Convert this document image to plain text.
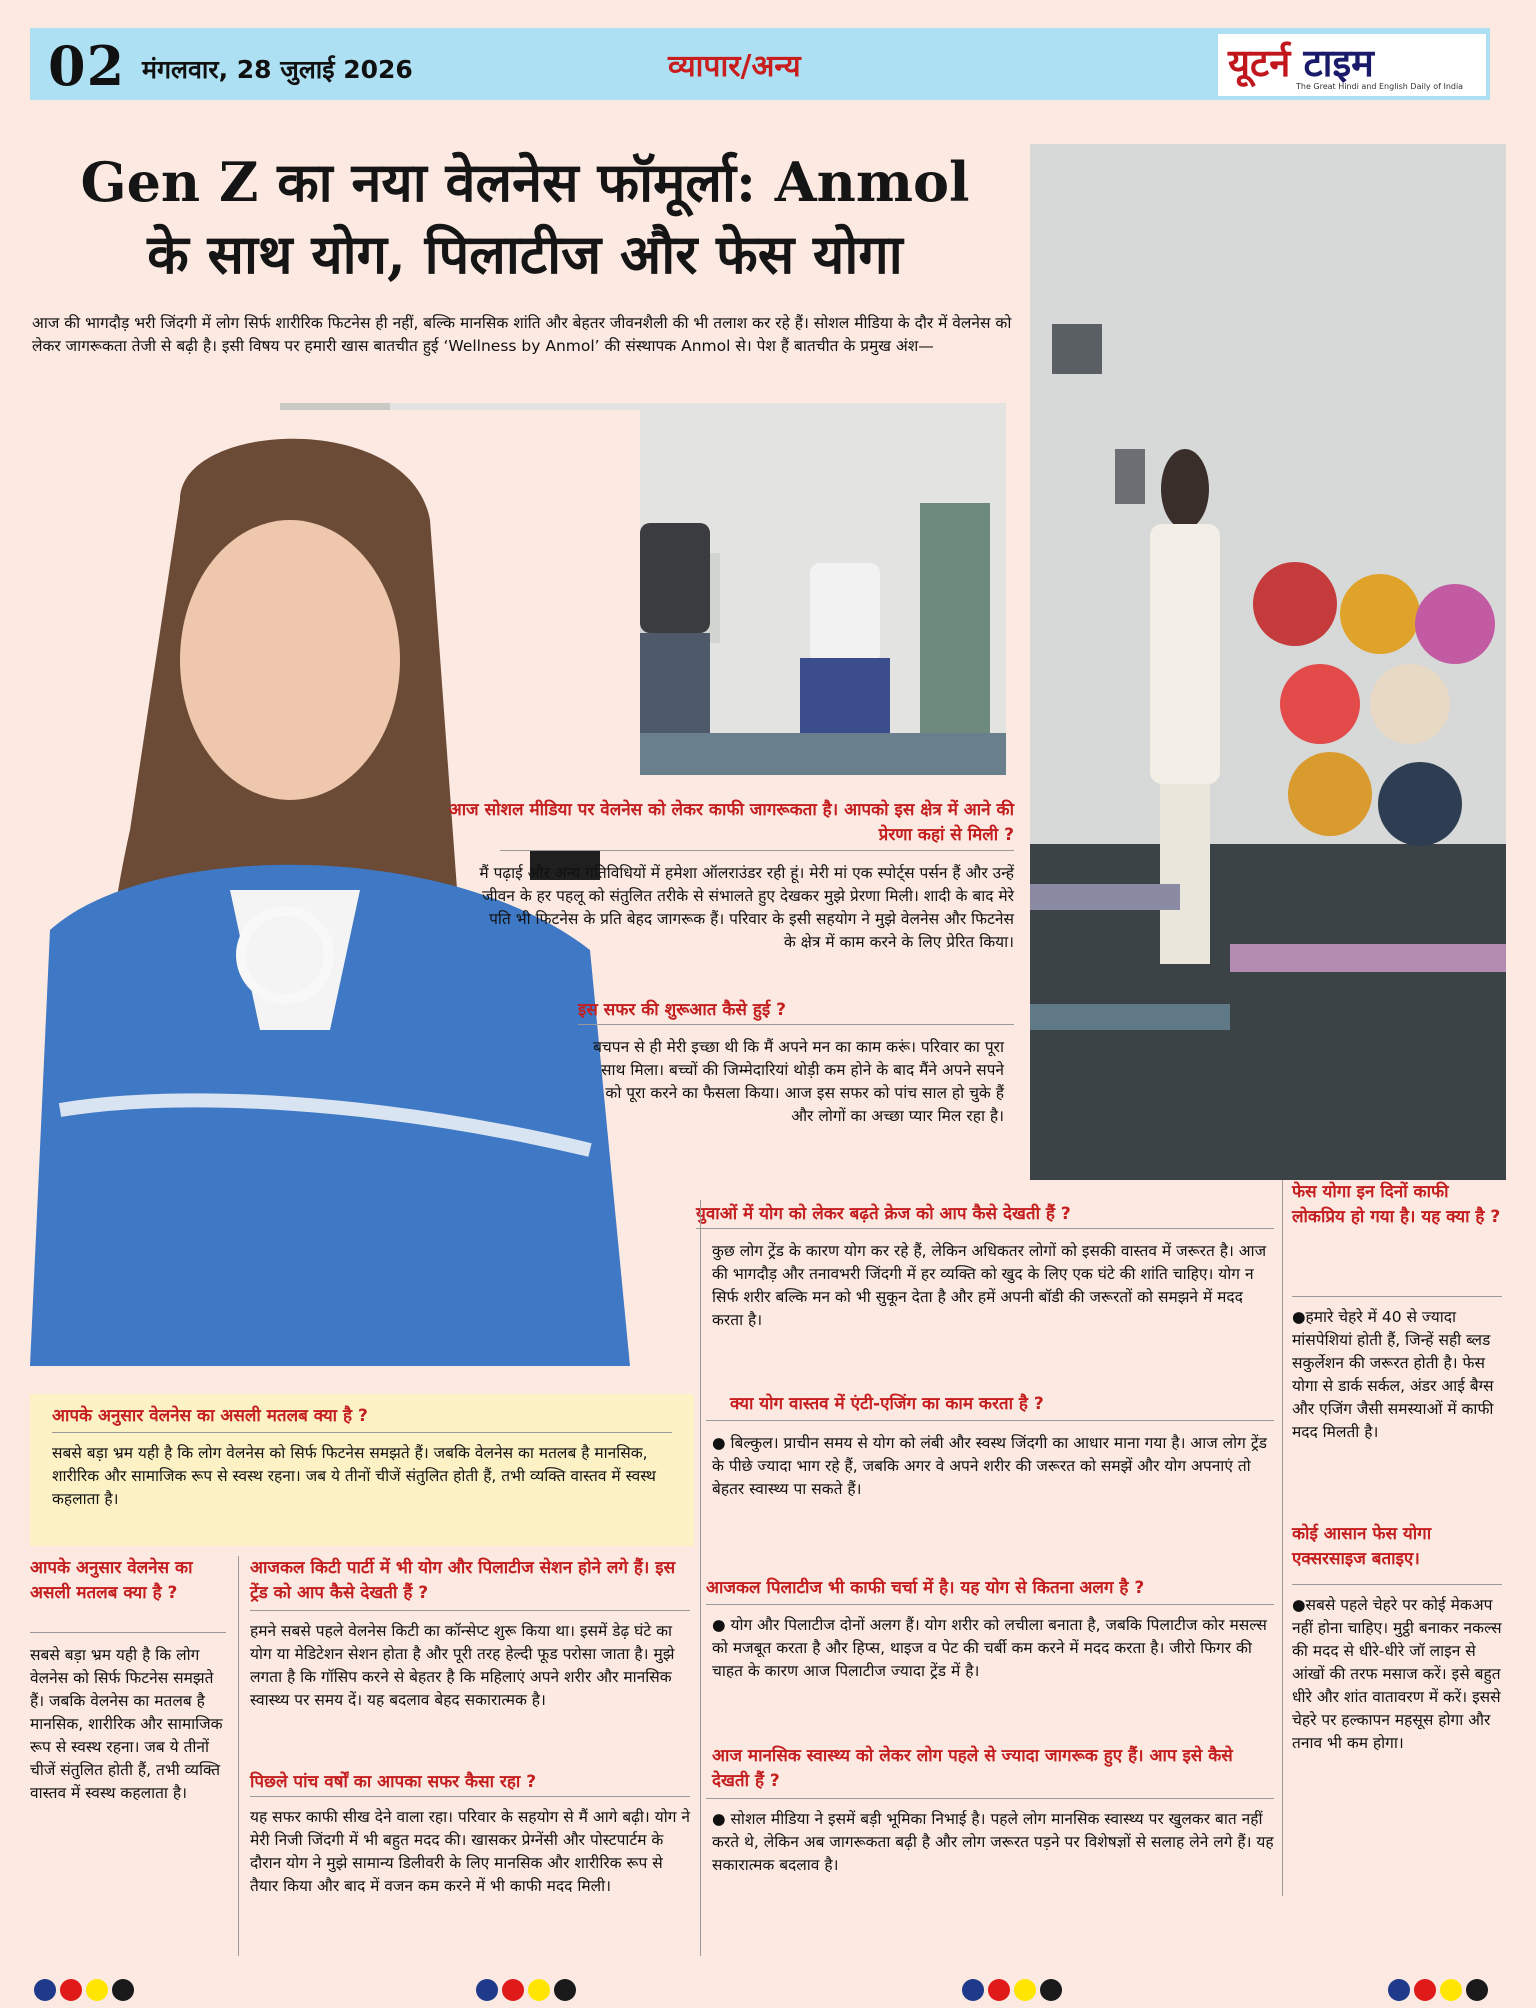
02 मंगलवार, 28 जुलाई 2026	व्यापार/अन्य	यूटर्न टाइम
The Great Hindi and English Daily of India
Gen Z का नया वेलनेस फॉमूर्ला: Anmol
के साथ योग, पिलाटीज और फेस योगा
आज की भागदौड़ भरी जिंदगी में लोग सिर्फ शारीरिक फिटनेस ही नहीं, बल्कि मानसिक शांति और बेहतर जीवनशैली की भी तलाश कर रहे हैं। सोशल मीडिया के दौर में वेलनेस को लेकर जागरूकता तेजी से बढ़ी है। इसी विषय पर हमारी खास बातचीत हुई ‘Wellness by Anmol’ की संस्थापक Anmol से। पेश हैं बातचीत के प्रमुख अंश—
आज सोशल मीडिया पर वेलनेस को लेकर काफी जागरूकता है। आपको इस क्षेत्र में आने की प्रेरणा कहां से मिली ?
मैं पढ़ाई और अन्य गतिविधियों में हमेशा ऑलराउंडर रही हूं। मेरी मां एक स्पोर्ट्स पर्सन हैं और उन्हें जीवन के हर पहलू को संतुलित तरीके से संभालते हुए देखकर मुझे प्रेरणा मिली। शादी के बाद मेरे पति भी फिटनेस के प्रति बेहद जागरूक हैं। परिवार के इसी सहयोग ने मुझे वेलनेस और फिटनेस के क्षेत्र में काम करने के लिए प्रेरित किया।
इस सफर की शुरूआत कैसे हुई ?
बचपन से ही मेरी इच्छा थी कि मैं अपने मन का काम करूं। परिवार का पूरा साथ मिला। बच्चों की जिम्मेदारियां थोड़ी कम होने के बाद मैंने अपने सपने को पूरा करने का फैसला किया। आज इस सफर को पांच साल हो चुके हैं और लोगों का अच्छा प्यार मिल रहा है।
युवाओं में योग को लेकर बढ़ते क्रेज को आप कैसे देखती हैं ?
कुछ लोग ट्रेंड के कारण योग कर रहे हैं, लेकिन अधिकतर लोगों को इसकी वास्तव में जरूरत है। आज की भागदौड़ और तनावभरी जिंदगी में हर व्यक्ति को खुद के लिए एक घंटे की शांति चाहिए। योग न सिर्फ शरीर बल्कि मन को भी सुकून देता है और हमें अपनी बॉडी की जरूरतों को समझने में मदद करता है।
क्या योग वास्तव में एंटी-एजिंग का काम करता है ?
● बिल्कुल। प्राचीन समय से योग को लंबी और स्वस्थ जिंदगी का आधार माना गया है। आज लोग ट्रेंड के पीछे ज्यादा भाग रहे हैं, जबकि अगर वे अपने शरीर की जरूरत को समझें और योग अपनाएं तो बेहतर स्वास्थ्य पा सकते हैं।
आजकल पिलाटीज भी काफी चर्चा में है। यह योग से कितना अलग है ?
● योग और पिलाटीज दोनों अलग हैं। योग शरीर को लचीला बनाता है, जबकि पिलाटीज कोर मसल्स को मजबूत करता है और हिप्स, थाइज व पेट की चर्बी कम करने में मदद करता है। जीरो फिगर की चाहत के कारण आज पिलाटीज ज्यादा ट्रेंड में है।
आज मानसिक स्वास्थ्य को लेकर लोग पहले से ज्यादा जागरूक हुए हैं। आप इसे कैसे देखती हैं ?
● सोशल मीडिया ने इसमें बड़ी भूमिका निभाई है। पहले लोग मानसिक स्वास्थ्य पर खुलकर बात नहीं करते थे, लेकिन अब जागरूकता बढ़ी है और लोग जरूरत पड़ने पर विशेषज्ञों से सलाह लेने लगे हैं। यह सकारात्मक बदलाव है।
आपके अनुसार वेलनेस का असली मतलब क्या है ?
सबसे बड़ा भ्रम यही है कि लोग वेलनेस को सिर्फ फिटनेस समझते हैं। जबकि वेलनेस का मतलब है मानसिक, शारीरिक और सामाजिक रूप से स्वस्थ रहना। जब ये तीनों चीजें संतुलित होती हैं, तभी व्यक्ति वास्तव में स्वस्थ कहलाता है।
आपके अनुसार वेलनेस का असली मतलब क्या है ?
सबसे बड़ा भ्रम यही है कि लोग वेलनेस को सिर्फ फिटनेस समझते हैं। जबकि वेलनेस का मतलब है मानसिक, शारीरिक और सामाजिक रूप से स्वस्थ रहना। जब ये तीनों चीजें संतुलित होती हैं, तभी व्यक्ति वास्तव में स्वस्थ कहलाता है।
आजकल किटी पार्टी में भी योग और पिलाटीज सेशन होने लगे हैं। इस ट्रेंड को आप कैसे देखती हैं ?
हमने सबसे पहले वेलनेस किटी का कॉन्सेप्ट शुरू किया था। इसमें डेढ़ घंटे का योग या मेडिटेशन सेशन होता है और पूरी तरह हेल्दी फूड परोसा जाता है। मुझे लगता है कि गॉसिप करने से बेहतर है कि महिलाएं अपने शरीर और मानसिक स्वास्थ्य पर समय दें। यह बदलाव बेहद सकारात्मक है।
पिछले पांच वर्षों का आपका सफर कैसा रहा ?
यह सफर काफी सीख देने वाला रहा। परिवार के सहयोग से मैं आगे बढ़ी। योग ने मेरी निजी जिंदगी में भी बहुत मदद की। खासकर प्रेग्नेंसी और पोस्टपार्टम के दौरान योग ने मुझे सामान्य डिलीवरी के लिए मानसिक और शारीरिक रूप से तैयार किया और बाद में वजन कम करने में भी काफी मदद मिली।
फेस योगा इन दिनों काफी लोकप्रिय हो गया है। यह क्या है ?
●हमारे चेहरे में 40 से ज्यादा मांसपेशियां होती हैं, जिन्हें सही ब्लड सकुर्लेशन की जरूरत होती है। फेस योगा से डार्क सर्कल, अंडर आई बैग्स और एजिंग जैसी समस्याओं में काफी मदद मिलती है।
कोई आसान फेस योगा एक्सरसाइज बताइए।
●सबसे पहले चेहरे पर कोई मेकअप नहीं होना चाहिए। मुट्ठी बनाकर नकल्स की मदद से धीरे-धीरे जॉ लाइन से आंखों की तरफ मसाज करें। इसे बहुत धीरे और शांत वातावरण में करें। इससे चेहरे पर हल्कापन महसूस होगा और तनाव भी कम होगा।
